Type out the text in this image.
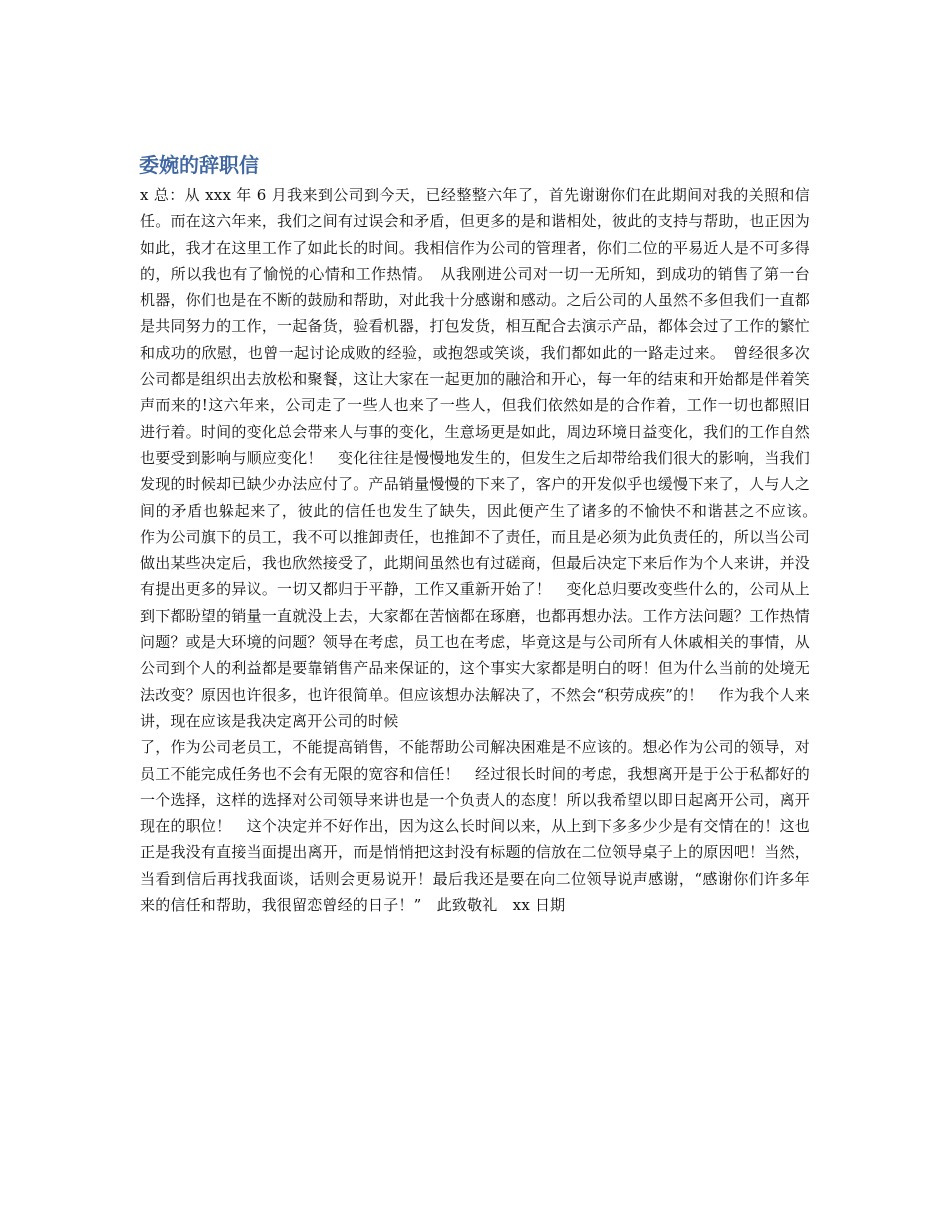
委婉的辞职信

x 总：从 xxx 年 6 月我来到公司到今天，已经整整六年了，首先谢谢你们在此期间对我的关照和信任。而在这六年来，我们之间有过误会和矛盾，但更多的是和谐相处，彼此的支持与帮助，也正因为如此，我才在这里工作了如此长的时间。我相信作为公司的管理者，你们二位的平易近人是不可多得的，所以我也有了愉悦的心情和工作热情。　从我刚进公司对一切一无所知，到成功的销售了第一台机器，你们也是在不断的鼓励和帮助，对此我十分感谢和感动。之后公司的人虽然不多但我们一直都是共同努力的工作，一起备货，验看机器，打包发货，相互配合去演示产品，都体会过了工作的繁忙和成功的欣慰，也曾一起讨论成败的经验，或抱怨或笑谈，我们都如此的一路走过来。　曾经很多次公司都是组织出去放松和聚餐，这让大家在一起更加的融洽和开心，每一年的结束和开始都是伴着笑声而来的!这六年来，公司走了一些人也来了一些人，但我们依然如是的合作着，工作一切也都照旧进行着。时间的变化总会带来人与事的变化，生意场更是如此，周边环境日益变化，我们的工作自然也要受到影响与顺应变化！　变化往往是慢慢地发生的，但发生之后却带给我们很大的影响，当我们发现的时候却已缺少办法应付了。产品销量慢慢的下来了，客户的开发似乎也缓慢下来了，人与人之间的矛盾也躲起来了，彼此的信任也发生了缺失，因此便产生了诸多的不愉快不和谐甚之不应该。　作为公司旗下的员工，我不可以推卸责任，也推卸不了责任，而且是必须为此负责任的，所以当公司做出某些决定后，我也欣然接受了，此期间虽然也有过磋商，但最后决定下来后作为个人来讲，并没有提出更多的异议。一切又都归于平静，工作又重新开始了！　变化总归要改变些什么的，公司从上到下都盼望的销量一直就没上去，大家都在苦恼都在琢磨，也都再想办法。工作方法问题？工作热情问题？或是大环境的问题？领导在考虑，员工也在考虑，毕竟这是与公司所有人休戚相关的事情，从公司到个人的利益都是要靠销售产品来保证的，这个事实大家都是明白的呀！但为什么当前的处境无法改变？原因也许很多，也许很简单。但应该想办法解决了，不然会“积劳成疾”的！　作为我个人来讲，现在应该是我决定离开公司的时候
了，作为公司老员工，不能提高销售，不能帮助公司解决困难是不应该的。想必作为公司的领导，对员工不能完成任务也不会有无限的宽容和信任！　经过很长时间的考虑，我想离开是于公于私都好的一个选择，这样的选择对公司领导来讲也是一个负责人的态度！所以我希望以即日起离开公司，离开现在的职位！　这个决定并不好作出，因为这么长时间以来，从上到下多多少少是有交情在的！这也正是我没有直接当面提出离开，而是悄悄把这封没有标题的信放在二位领导桌子上的原因吧！当然，当看到信后再找我面谈，话则会更易说开！最后我还是要在向二位领导说声感谢，“感谢你们许多年来的信任和帮助，我很留恋曾经的日子！”　此致敬礼　xx 日期
